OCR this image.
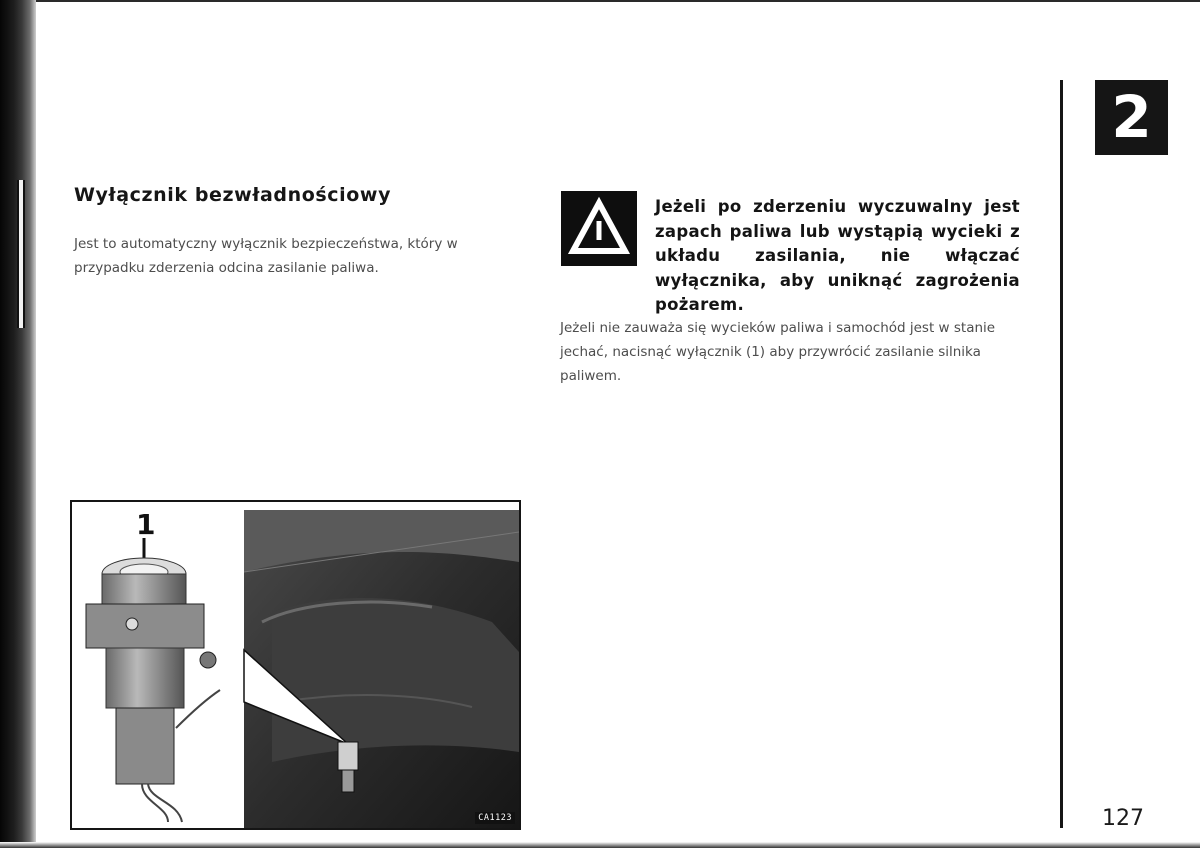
Wyłącznik bezwładnościowy

Jest to automatyczny wyłącznik bezpieczeństwa, który w przypadku zderzenia odcina zasilanie paliwa.

Jeżeli po zderzeniu wyczuwalny jest zapach paliwa lub wystąpią wycieki z układu zasilania, nie włączać wyłącznika, aby uniknąć zagrożenia pożarem.

Jeżeli nie zauważa się wycieków paliwa i samochód jest w stanie jechać, nacisnąć wyłącznik (1) aby przywrócić zasilanie silnika paliwem.

2
127
1
CA1123
